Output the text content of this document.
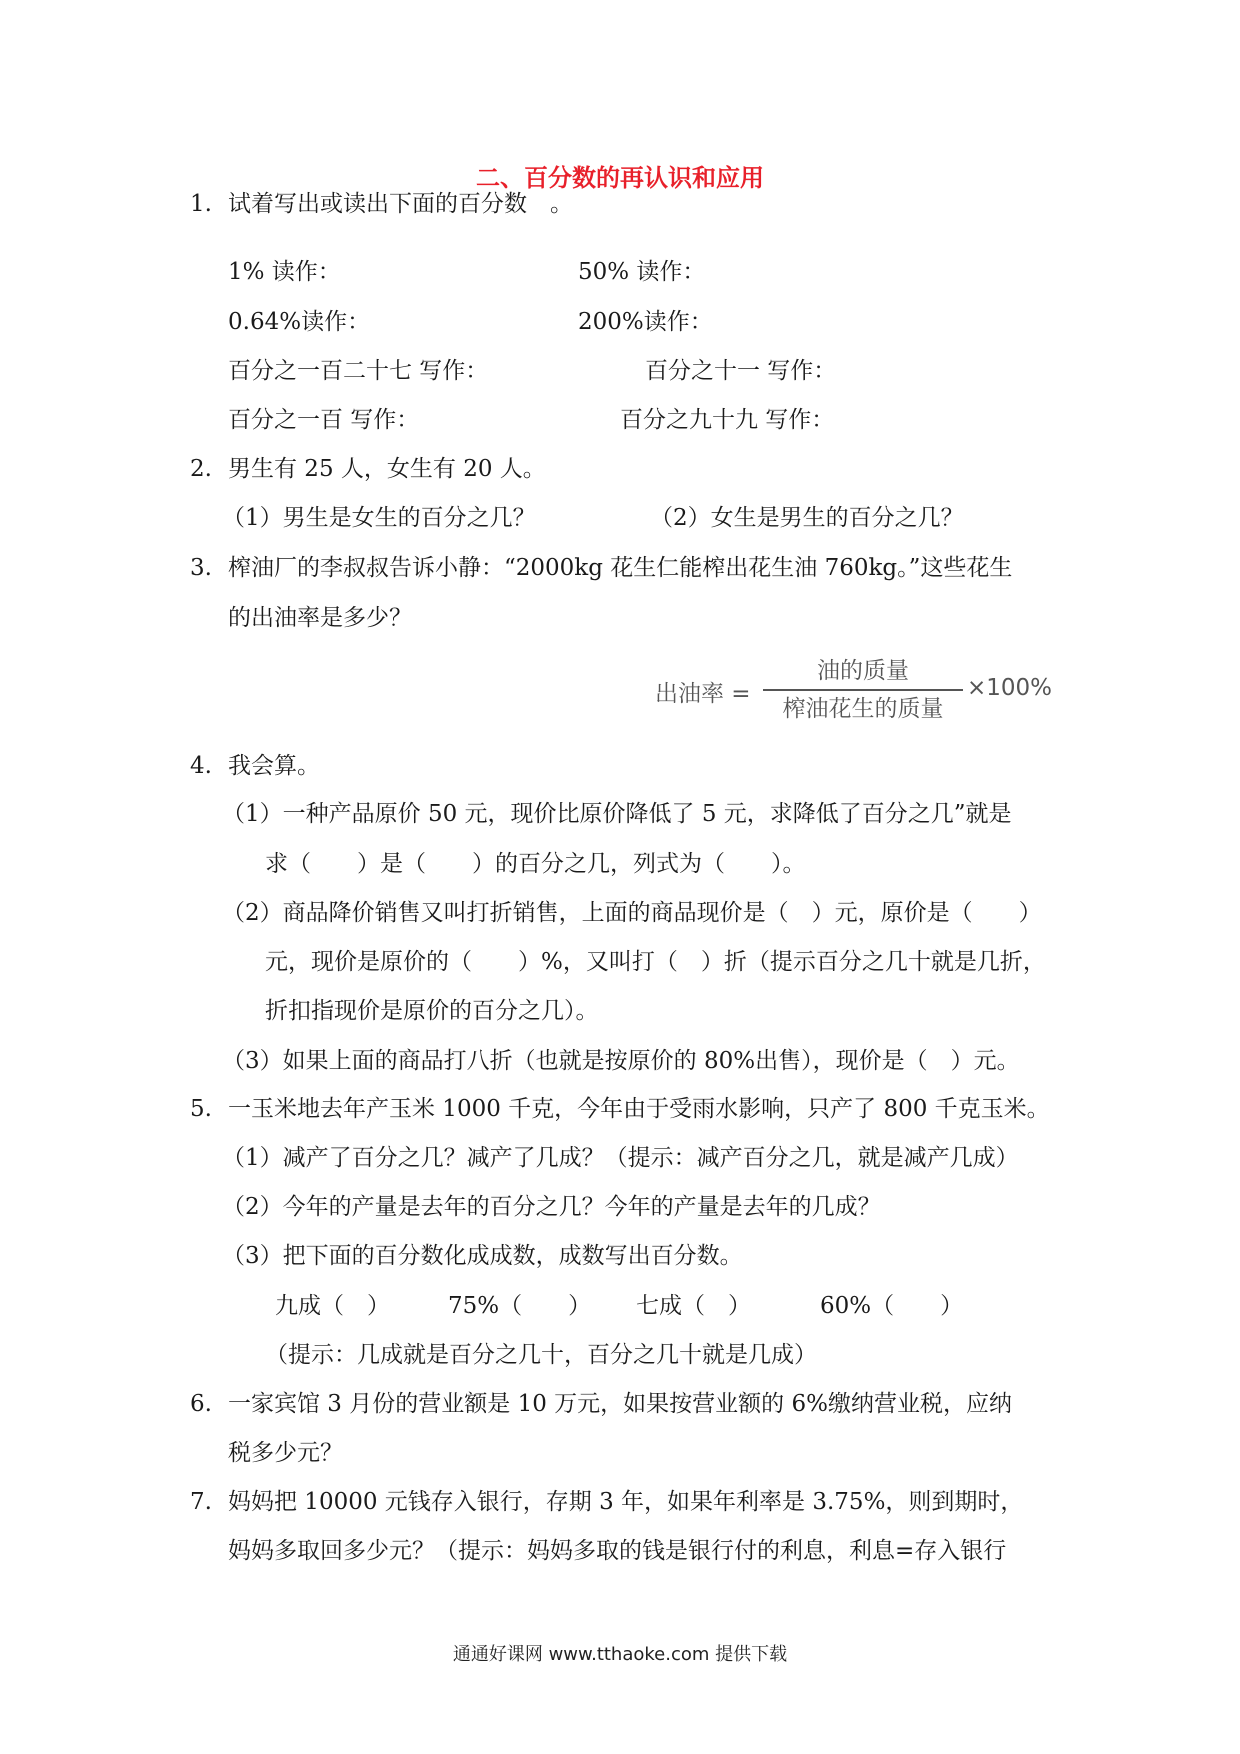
二、百分数的再认识和应用
1. 试着写出或读出下面的百分数　。
1% 读作：	50% 读作：
0.64%读作：	200%读作：
百分之一百二十七 写作：	百分之十一 写作：
百分之一百 写作：	百分之九十九 写作：
2. 男生有 25 人，女生有 20 人。
（1）男生是女生的百分之几？	（2）女生是男生的百分之几？
3. 榨油厂的李叔叔告诉小静：“2000kg 花生仁能榨出花生油 760kg。”这些花生
的出油率是多少？
出油率 =
油的质量
榨油花生的质量
×100%
4. 我会算。
（1）一种产品原价 50 元，现价比原价降低了 5 元，求降低了百分之几”就是
求（　　）是（　　）的百分之几，列式为（　　）。
（2）商品降价销售又叫打折销售，上面的商品现价是（　）元，原价是（　　）
元，现价是原价的（　　）%，又叫打（　）折（提示百分之几十就是几折，
折扣指现价是原价的百分之几）。
（3）如果上面的商品打八折（也就是按原价的 80%出售），现价是（　）元。
5. 一玉米地去年产玉米 1000 千克，今年由于受雨水影响，只产了 800 千克玉米。
（1）减产了百分之几？减产了几成？（提示：减产百分之几，就是减产几成）
（2）今年的产量是去年的百分之几？今年的产量是去年的几成？
（3）把下面的百分数化成成数，成数写出百分数。
九成（　）	75%（　　） 七成（　）	60%（　　）
（提示：几成就是百分之几十，百分之几十就是几成）
6. 一家宾馆 3 月份的营业额是 10 万元，如果按营业额的 6%缴纳营业税，应纳
税多少元？
7. 妈妈把 10000 元钱存入银行，存期 3 年，如果年利率是 3.75%，则到期时，
妈妈多取回多少元？（提示：妈妈多取的钱是银行付的利息，利息=存入银行
通通好课网 www.tthaoke.com 提供下载
